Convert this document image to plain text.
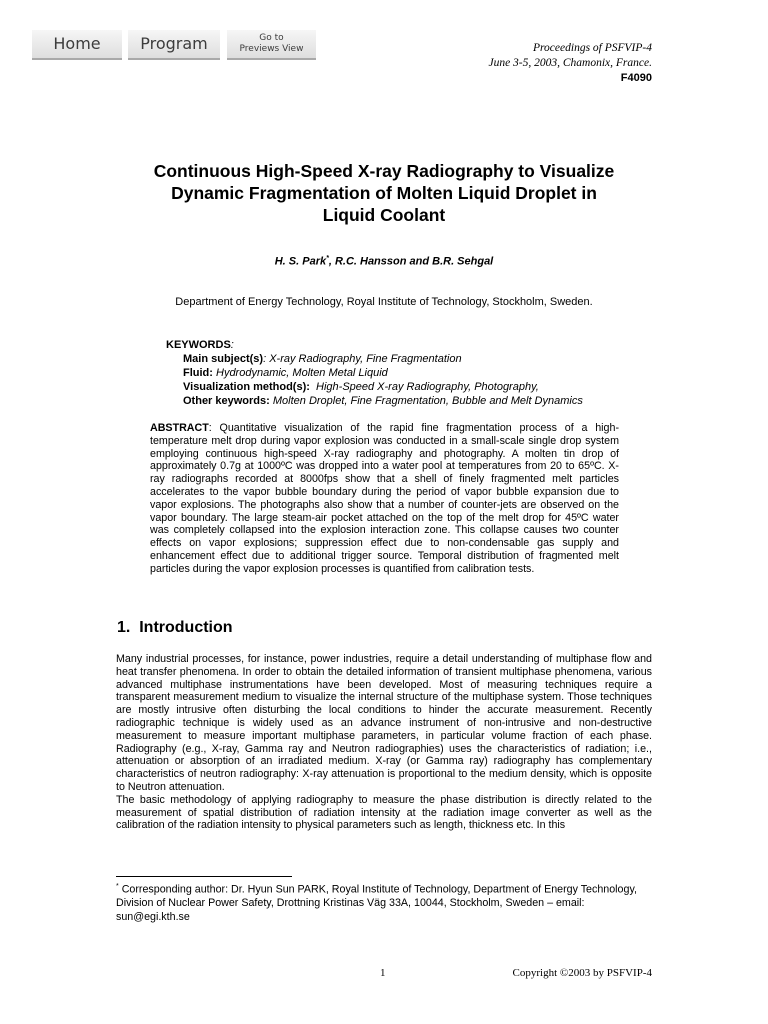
Home	Program	Go to
Previews View	Proceedings of PSFVIP-4
June 3-5, 2003, Chamonix, France.
F4090
Continuous High-Speed X-ray Radiography to Visualize
Dynamic Fragmentation of Molten Liquid Droplet in
Liquid Coolant
H. S. Park*, R.C. Hansson and B.R. Sehgal
Department of Energy Technology, Royal Institute of Technology, Stockholm, Sweden.
KEYWORDS:
Main subject(s): X-ray Radiography, Fine Fragmentation
Fluid: Hydrodynamic, Molten Metal Liquid
Visualization method(s):  High-Speed X-ray Radiography, Photography,
Other keywords: Molten Droplet, Fine Fragmentation, Bubble and Melt Dynamics
ABSTRACT: Quantitative visualization of the rapid fine fragmentation process of a high-temperature melt drop during vapor explosion was conducted in a small-scale single drop system employing continuous high-speed X-ray radiography and photography. A molten tin drop of approximately 0.7g at 1000ºC was dropped into a water pool at temperatures from 20 to 65ºC. X-ray radiographs recorded at 8000fps show that a shell of finely fragmented melt particles accelerates to the vapor bubble boundary during the period of vapor bubble expansion due to vapor explosions. The photographs also show that a number of counter-jets are observed on the vapor boundary. The large steam-air pocket attached on the top of the melt drop for 45ºC water was completely collapsed into the explosion interaction zone. This collapse causes two counter effects on vapor explosions; suppression effect due to non-condensable gas supply and enhancement effect due to additional trigger source. Temporal distribution of fragmented melt particles during the vapor explosion processes is quantified from calibration tests.
1.  Introduction

Many industrial processes, for instance, power industries, require a detail understanding of multiphase flow and heat transfer phenomena. In order to obtain the detailed information of transient multiphase phenomena, various advanced multiphase instrumentations have been developed. Most of measuring techniques require a transparent measurement medium to visualize the internal structure of the multiphase system. Those techniques are mostly intrusive often disturbing the local conditions to hinder the accurate measurement. Recently radiographic technique is widely used as an advance instrument of non-intrusive and non-destructive measurement to measure important multiphase parameters, in particular volume fraction of each phase. Radiography (e.g., X-ray, Gamma ray and Neutron radiographies) uses the characteristics of radiation; i.e., attenuation or absorption of an irradiated medium. X-ray (or Gamma ray) radiography has complementary characteristics of neutron radiography: X-ray attenuation is proportional to the medium density, which is opposite to Neutron attenuation.

The basic methodology of applying radiography to measure the phase distribution is directly related to the measurement of spatial distribution of radiation intensity at the radiation image converter as well as the calibration of the radiation intensity to physical parameters such as length, thickness etc. In this

* Corresponding author: Dr. Hyun Sun PARK, Royal Institute of Technology, Department of Energy Technology, Division of Nuclear Power Safety, Drottning Kristinas Väg 33A, 10044, Stockholm, Sweden – email: sun@egi.kth.se
1	Copyright ©2003 by PSFVIP-4
